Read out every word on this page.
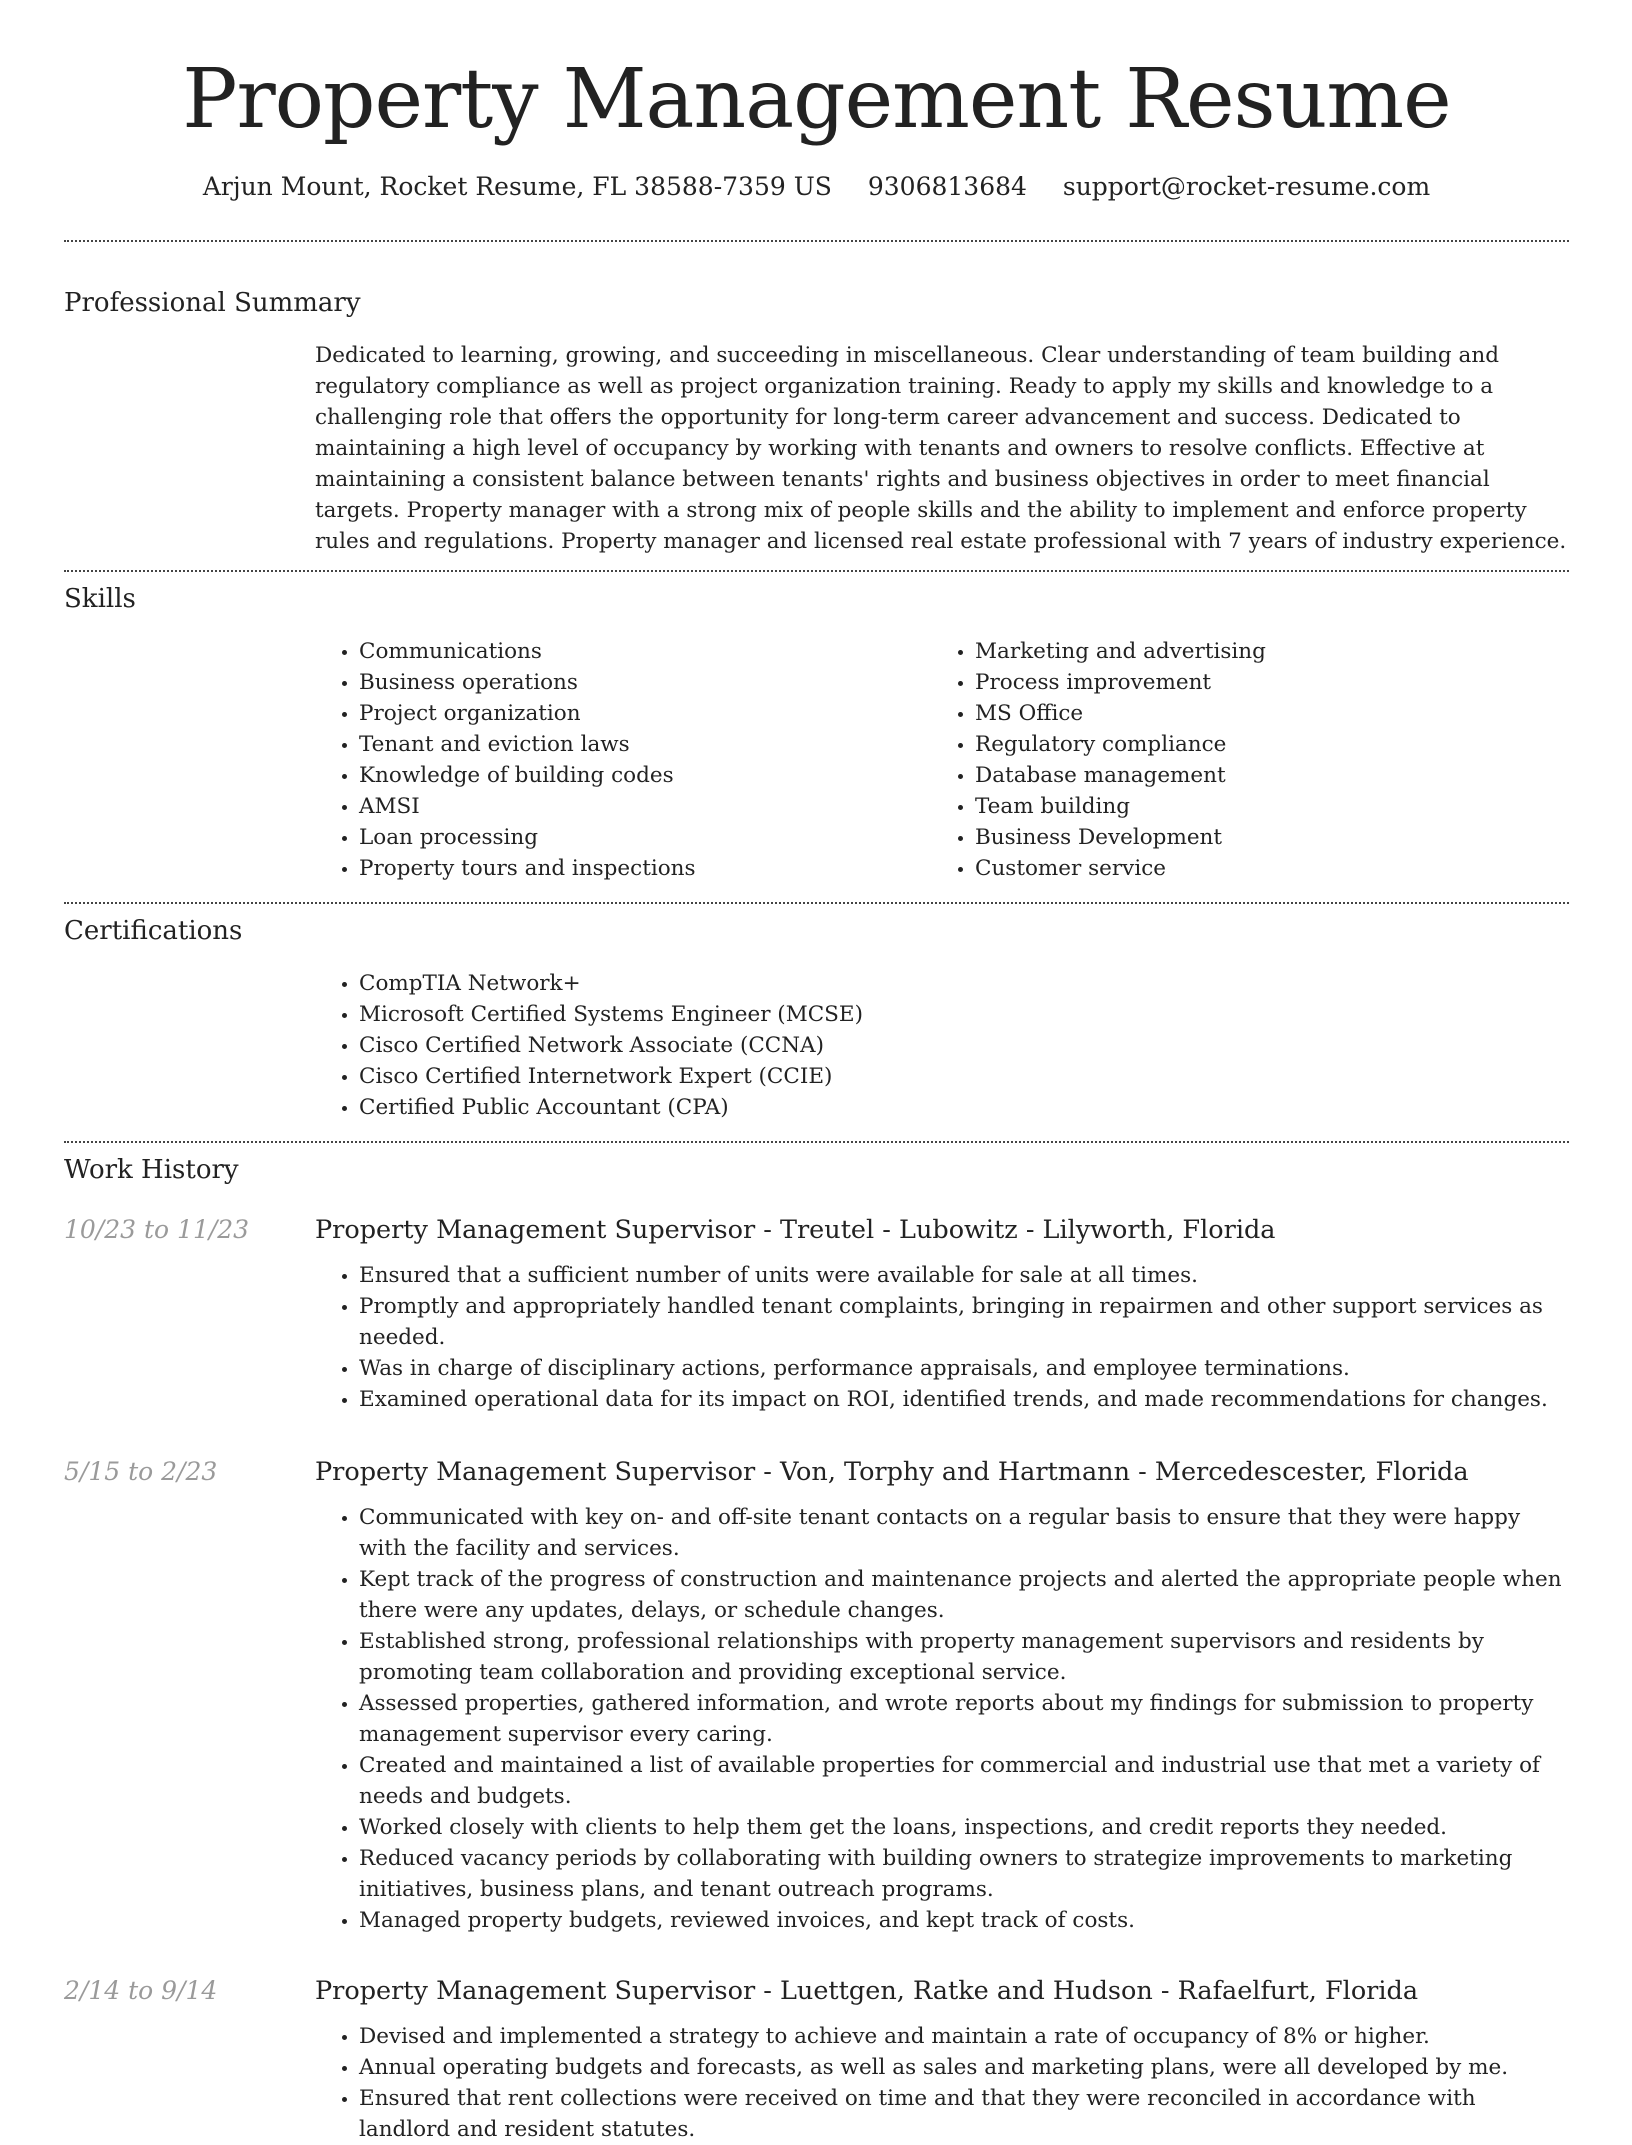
Property Management Resume
Arjun Mount, Rocket Resume, FL 38588-7359 US 9306813684 support@rocket-resume.com
Professional Summary

Dedicated to learning, growing, and succeeding in miscellaneous. Clear understanding of team building and regulatory compliance as well as project organization training. Ready to apply my skills and knowledge to a challenging role that offers the opportunity for long-term career advancement and success. Dedicated to maintaining a high level of occupancy by working with tenants and owners to resolve conflicts. Effective at maintaining a consistent balance between tenants' rights and business objectives in order to meet financial targets. Property manager with a strong mix of people skills and the ability to implement and enforce property rules and regulations. Property manager and licensed real estate professional with 7 years of industry experience.

Skills
• Communications
• Business operations
• Project organization
• Tenant and eviction laws
• Knowledge of building codes
• AMSI
• Loan processing
• Property tours and inspections
• Marketing and advertising
• Process improvement
• MS Office
• Regulatory compliance
• Database management
• Team building
• Business Development
• Customer service
Certifications
• CompTIA Network+
• Microsoft Certified Systems Engineer (MCSE)
• Cisco Certified Network Associate (CCNA)
• Cisco Certified Internetwork Expert (CCIE)
• Certified Public Accountant (CPA)
Work History
10/23 to 11/23	Property Management Supervisor - Treutel - Lubowitz - Lilyworth, Florida
• Ensured that a sufficient number of units were available for sale at all times.
• Promptly and appropriately handled tenant complaints, bringing in repairmen and other support services as needed.
• Was in charge of disciplinary actions, performance appraisals, and employee terminations.
• Examined operational data for its impact on ROI, identified trends, and made recommendations for changes.
5/15 to 2/23	Property Management Supervisor - Von, Torphy and Hartmann - Mercedescester, Florida
• Communicated with key on- and off-site tenant contacts on a regular basis to ensure that they were happy with the facility and services.
• Kept track of the progress of construction and maintenance projects and alerted the appropriate people when there were any updates, delays, or schedule changes.
• Established strong, professional relationships with property management supervisors and residents by promoting team collaboration and providing exceptional service.
• Assessed properties, gathered information, and wrote reports about my findings for submission to property management supervisor every caring.
• Created and maintained a list of available properties for commercial and industrial use that met a variety of needs and budgets.
• Worked closely with clients to help them get the loans, inspections, and credit reports they needed.
• Reduced vacancy periods by collaborating with building owners to strategize improvements to marketing initiatives, business plans, and tenant outreach programs.
• Managed property budgets, reviewed invoices, and kept track of costs.
2/14 to 9/14	Property Management Supervisor - Luettgen, Ratke and Hudson - Rafaelfurt, Florida
• Devised and implemented a strategy to achieve and maintain a rate of occupancy of 8% or higher.
• Annual operating budgets and forecasts, as well as sales and marketing plans, were all developed by me.
• Ensured that rent collections were received on time and that they were reconciled in accordance with landlord and resident statutes.
